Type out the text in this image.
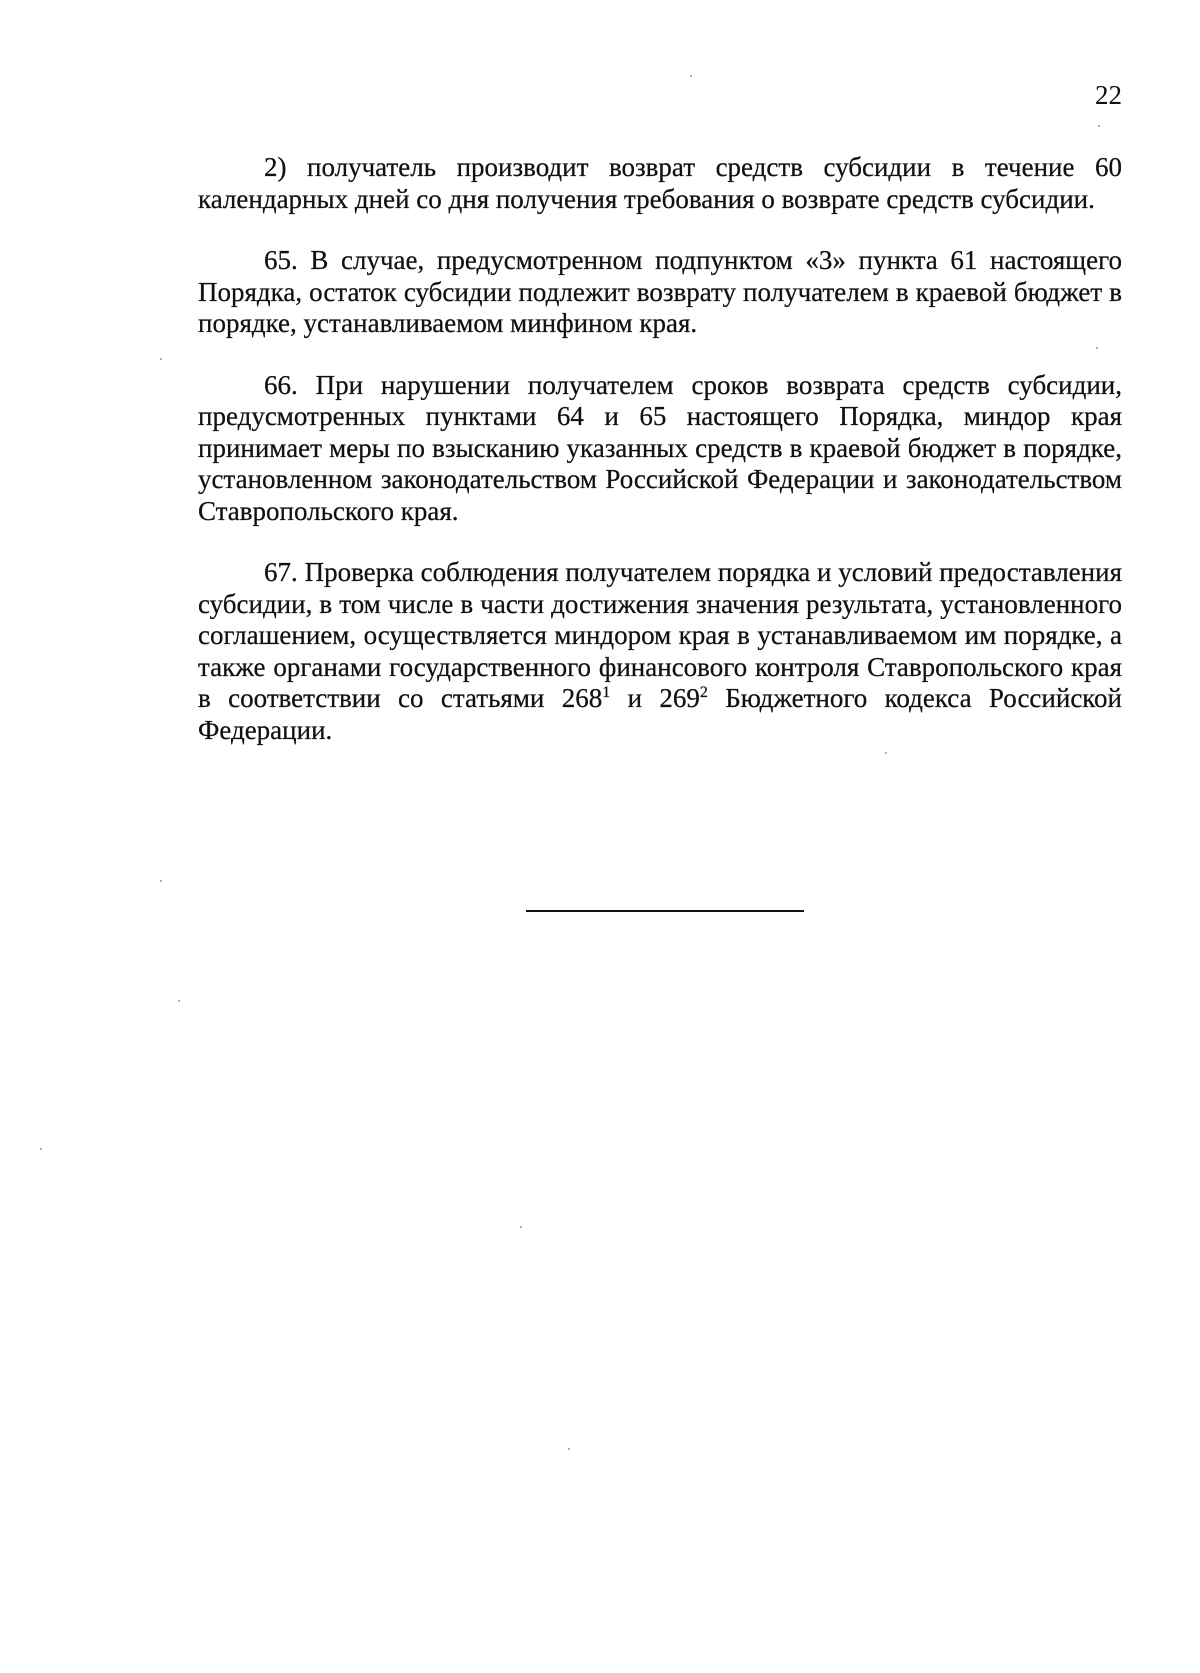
22

2) получатель производит возврат средств субсидии в течение 60 календарных дней со дня получения требования о возврате средств субсидии.

65. В случае, предусмотренном подпунктом «3» пункта 61 настоящего Порядка, остаток субсидии подлежит возврату получателем в краевой бюджет в порядке, устанавливаемом минфином края.

66. При нарушении получателем сроков возврата средств субсидии, предусмотренных пунктами 64 и 65 настоящего Порядка, миндор края принимает меры по взысканию указанных средств в краевой бюджет в порядке, установленном законодательством Российской Федерации и законодательством Ставропольского края.

67. Проверка соблюдения получателем порядка и условий предоставления субсидии, в том числе в части достижения значения результата, установленного соглашением, осуществляется миндором края в устанавливаемом им порядке, а также органами государственного финансового контроля Ставропольского края в соответствии со статьями $268^1$ и $269^2$ Бюджетного кодекса Российской Федерации.
